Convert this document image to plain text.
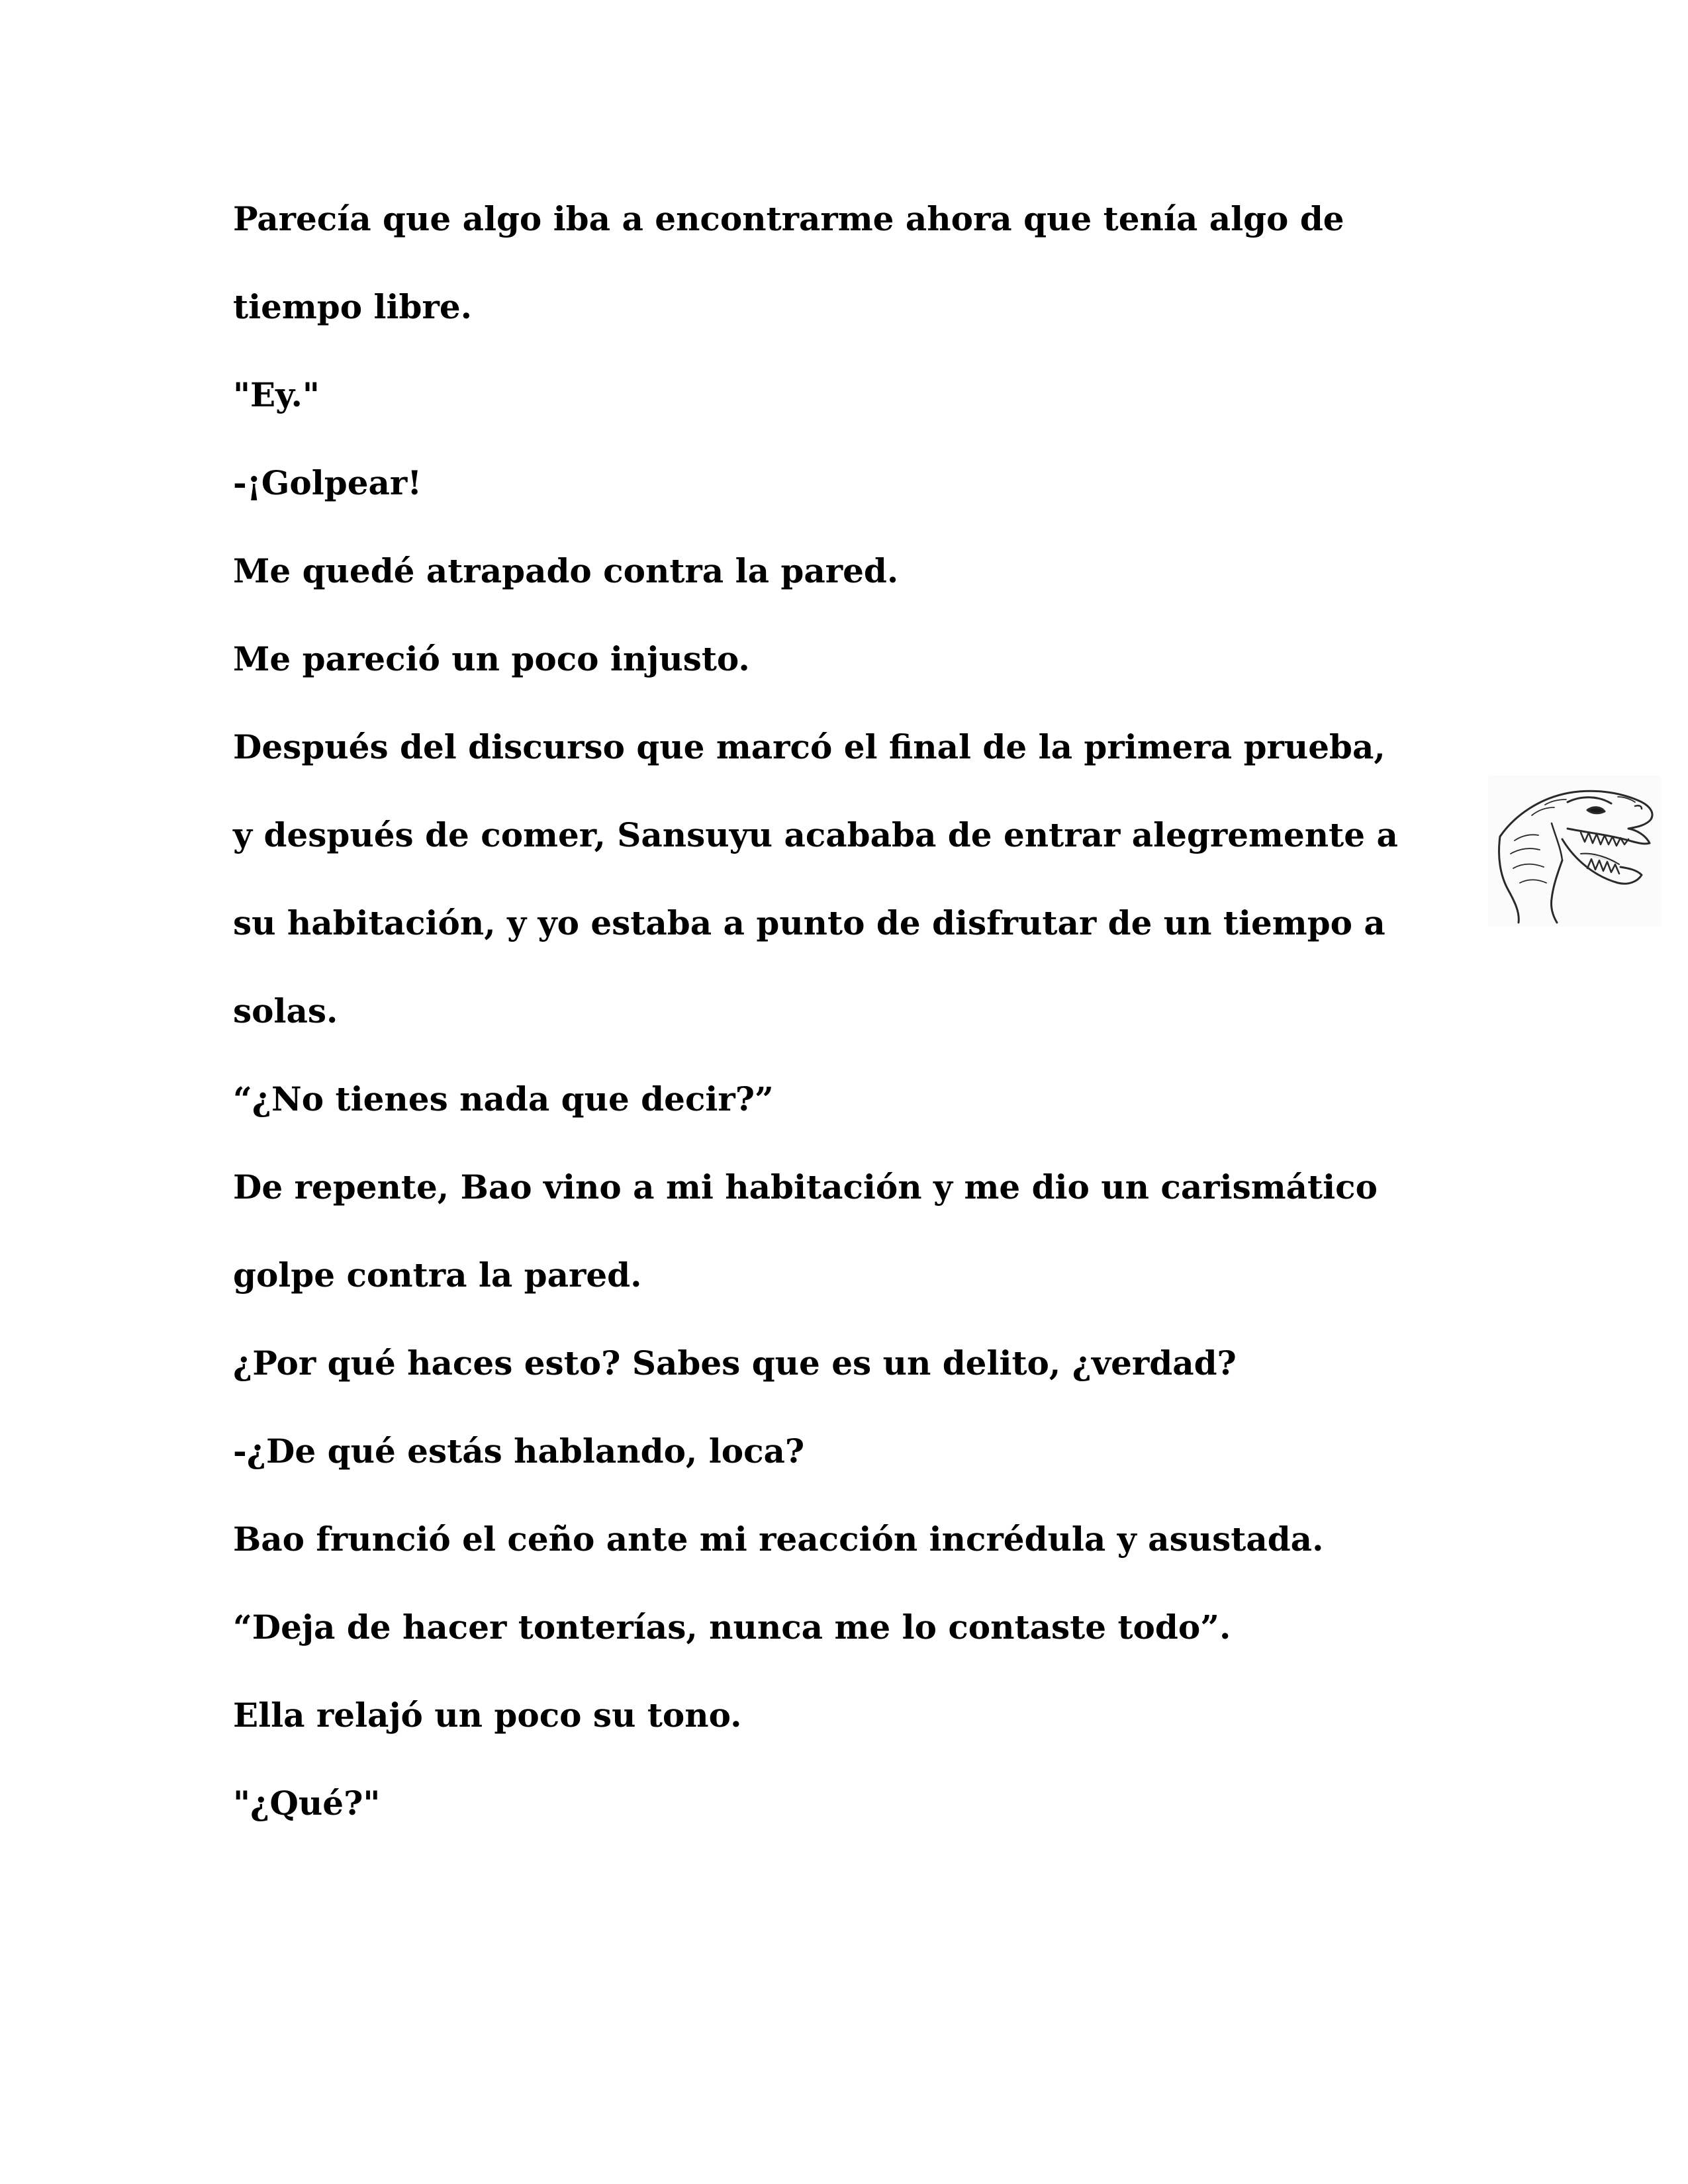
Parecía que algo iba a encontrarme ahora que tenía algo de

tiempo libre.

"Ey."

-¡Golpear!

Me quedé atrapado contra la pared.

Me pareció un poco injusto.

Después del discurso que marcó el final de la primera prueba,

y después de comer, Sansuyu acababa de entrar alegremente a

su habitación, y yo estaba a punto de disfrutar de un tiempo a

solas.

“¿No tienes nada que decir?”

De repente, Bao vino a mi habitación y me dio un carismático

golpe contra la pared.

¿Por qué haces esto? Sabes que es un delito, ¿verdad?

-¿De qué estás hablando, loca?

Bao frunció el ceño ante mi reacción incrédula y asustada.

“Deja de hacer tonterías, nunca me lo contaste todo”.

Ella relajó un poco su tono.

"¿Qué?"
